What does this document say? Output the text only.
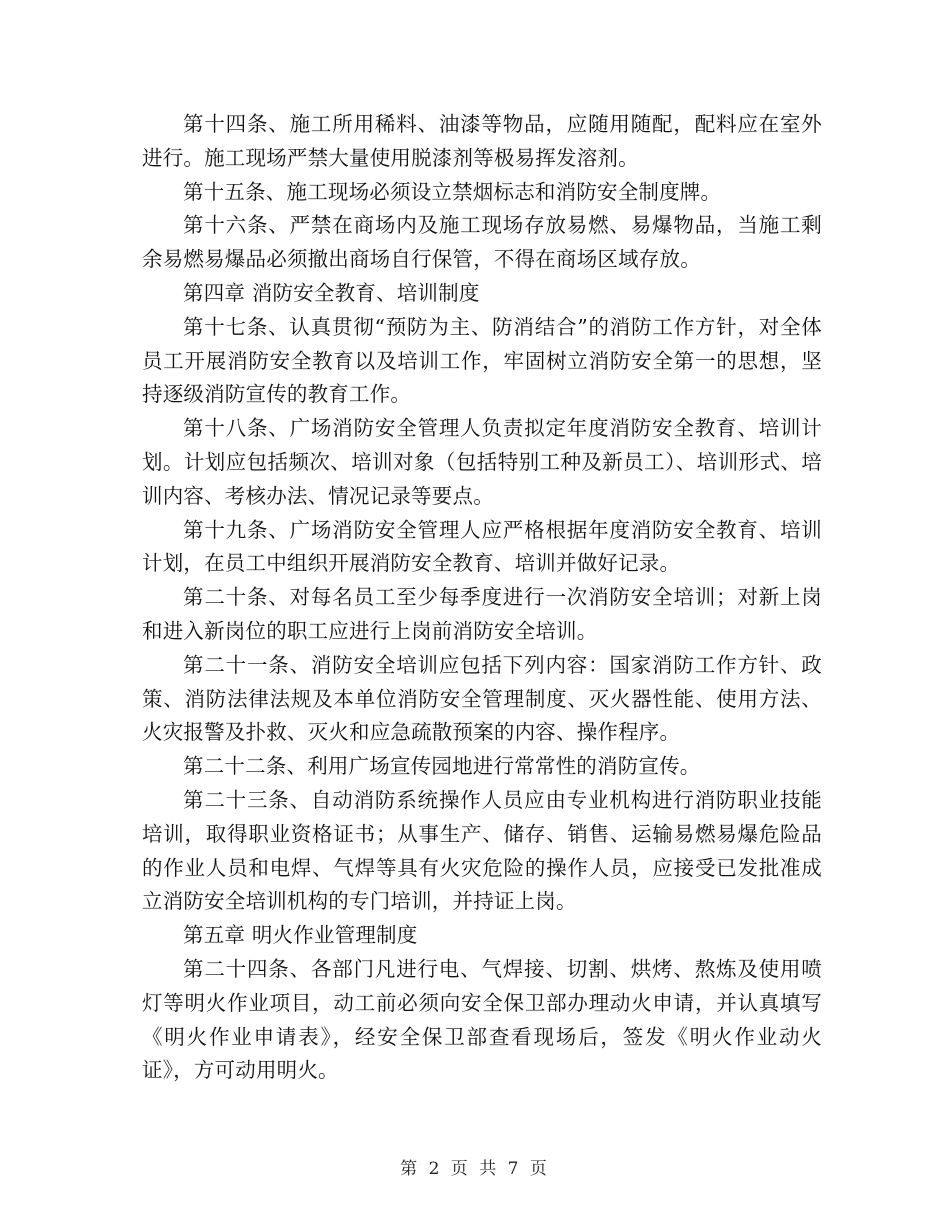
第十四条、施工所用稀料、油漆等物品，应随用随配，配料应在室外进行。施工现场严禁大量使用脱漆剂等极易挥发溶剂。

第十五条、施工现场必须设立禁烟标志和消防安全制度牌。

第十六条、严禁在商场内及施工现场存放易燃、易爆物品，当施工剩余易燃易爆品必须撤出商场自行保管，不得在商场区域存放。

第四章 消防安全教育、培训制度

第十七条、认真贯彻“预防为主、防消结合”的消防工作方针，对全体员工开展消防安全教育以及培训工作，牢固树立消防安全第一的思想，坚持逐级消防宣传的教育工作。

第十八条、广场消防安全管理人负责拟定年度消防安全教育、培训计划。计划应包括频次、培训对象（包括特别工种及新员工）、培训形式、培训内容、考核办法、情况记录等要点。

第十九条、广场消防安全管理人应严格根据年度消防安全教育、培训计划，在员工中组织开展消防安全教育、培训并做好记录。

第二十条、对每名员工至少每季度进行一次消防安全培训；对新上岗和进入新岗位的职工应进行上岗前消防安全培训。

第二十一条、消防安全培训应包括下列内容：国家消防工作方针、政策、消防法律法规及本单位消防安全管理制度、灭火器性能、使用方法、火灾报警及扑救、灭火和应急疏散预案的内容、操作程序。

第二十二条、利用广场宣传园地进行常常性的消防宣传。

第二十三条、自动消防系统操作人员应由专业机构进行消防职业技能培训，取得职业资格证书；从事生产、储存、销售、运输易燃易爆危险品的作业人员和电焊、气焊等具有火灾危险的操作人员，应接受已发批准成立消防安全培训机构的专门培训，并持证上岗。

第五章 明火作业管理制度

第二十四条、各部门凡进行电、气焊接、切割、烘烤、熬炼及使用喷灯等明火作业项目，动工前必须向安全保卫部办理动火申请，并认真填写《明火作业申请表》，经安全保卫部查看现场后，签发《明火作业动火证》，方可动用明火。

第 2 页 共 7 页
